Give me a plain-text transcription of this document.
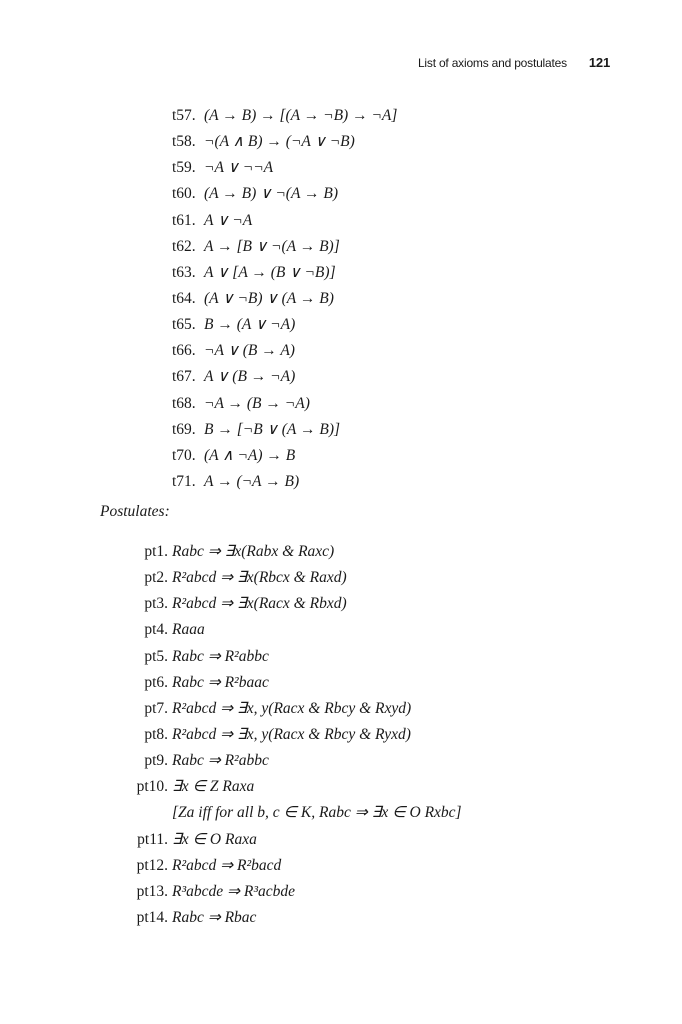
List of axioms and postulates 121
t57. (A → B) → [(A → ¬B) → ¬A]
t58. ¬(A ∧ B) → (¬A ∨ ¬B)
t59. ¬A ∨ ¬¬A
t60. (A → B) ∨ ¬(A → B)
t61. A ∨ ¬A
t62. A → [B ∨ ¬(A → B)]
t63. A ∨ [A → (B ∨ ¬B)]
t64. (A ∨ ¬B) ∨ (A → B)
t65. B → (A ∨ ¬A)
t66. ¬A ∨ (B → A)
t67. A ∨ (B → ¬A)
t68. ¬A → (B → ¬A)
t69. B → [¬B ∨ (A → B)]
t70. (A ∧ ¬A) → B
t71. A → (¬A → B)
Postulates:
pt1. Rabc ⇒ ∃x(Rabx & Raxc)
pt2. R²abcd ⇒ ∃x(Rbcx & Raxd)
pt3. R²abcd ⇒ ∃x(Racx & Rbxd)
pt4. Raaa
pt5. Rabc ⇒ R²abbc
pt6. Rabc ⇒ R²baac
pt7. R²abcd ⇒ ∃x, y(Racx & Rbcy & Rxyd)
pt8. R²abcd ⇒ ∃x, y(Racx & Rbcy & Ryxd)
pt9. Rabc ⇒ R²abbc
pt10. ∃x ∈ Z Raxa
[Za iff for all b, c ∈ K, Rabc ⇒ ∃x ∈ O Rxbc]
pt11. ∃x ∈ O Raxa
pt12. R²abcd ⇒ R²bacd
pt13. R³abcde ⇒ R³acbde
pt14. Rabc ⇒ Rbac
